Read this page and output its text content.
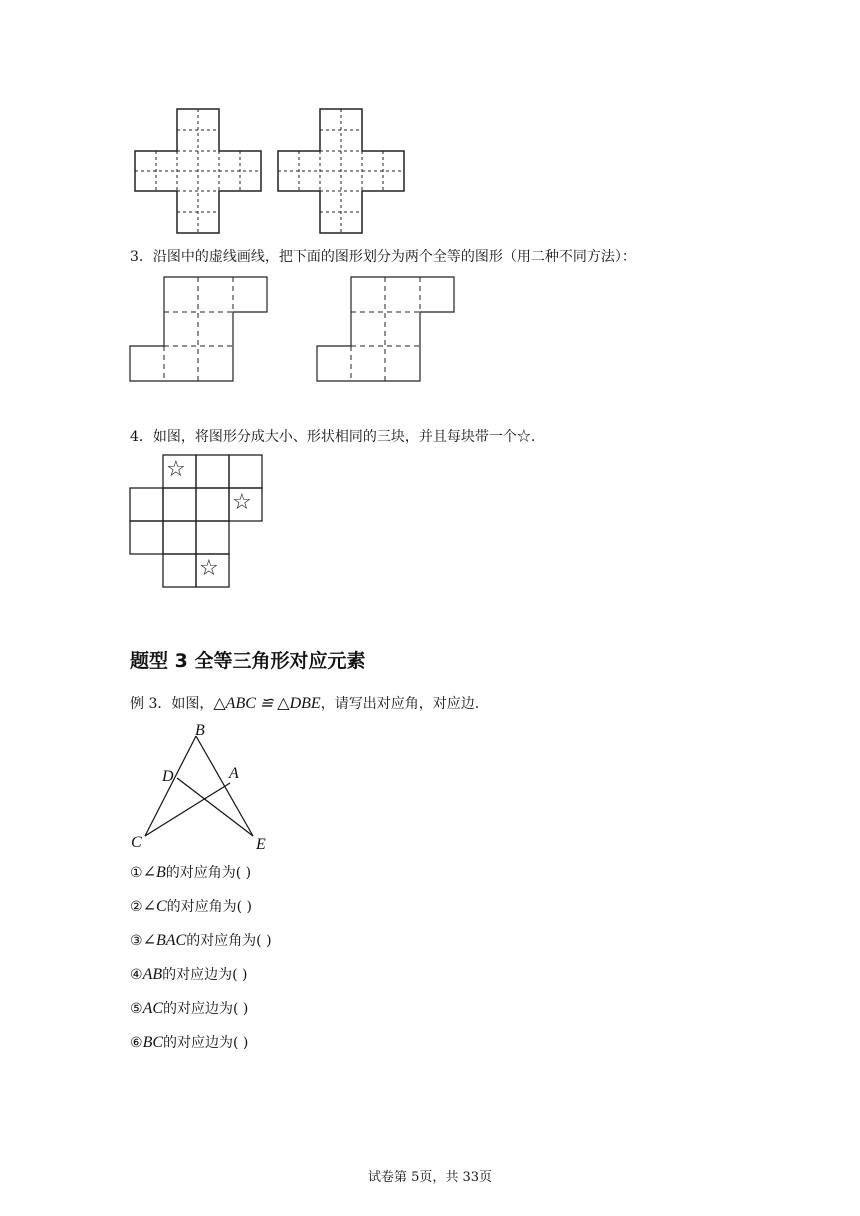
3．沿图中的虚线画线，把下面的图形划分为两个全等的图形（用二种不同方法）：
4．如图，将图形分成大小、形状相同的三块，并且每块带一个☆.
☆
☆
☆
题型 3 全等三角形对应元素
例 3．如图，△ABC ≌ △DBE，请写出对应角，对应边.
B
D	A
C	E
①∠B的对应角为( )
②∠C的对应角为( )
③∠BAC的对应角为( )
④AB的对应边为( )
⑤AC的对应边为( )
⑥BC的对应边为( )
试卷第 5页，共 33页
